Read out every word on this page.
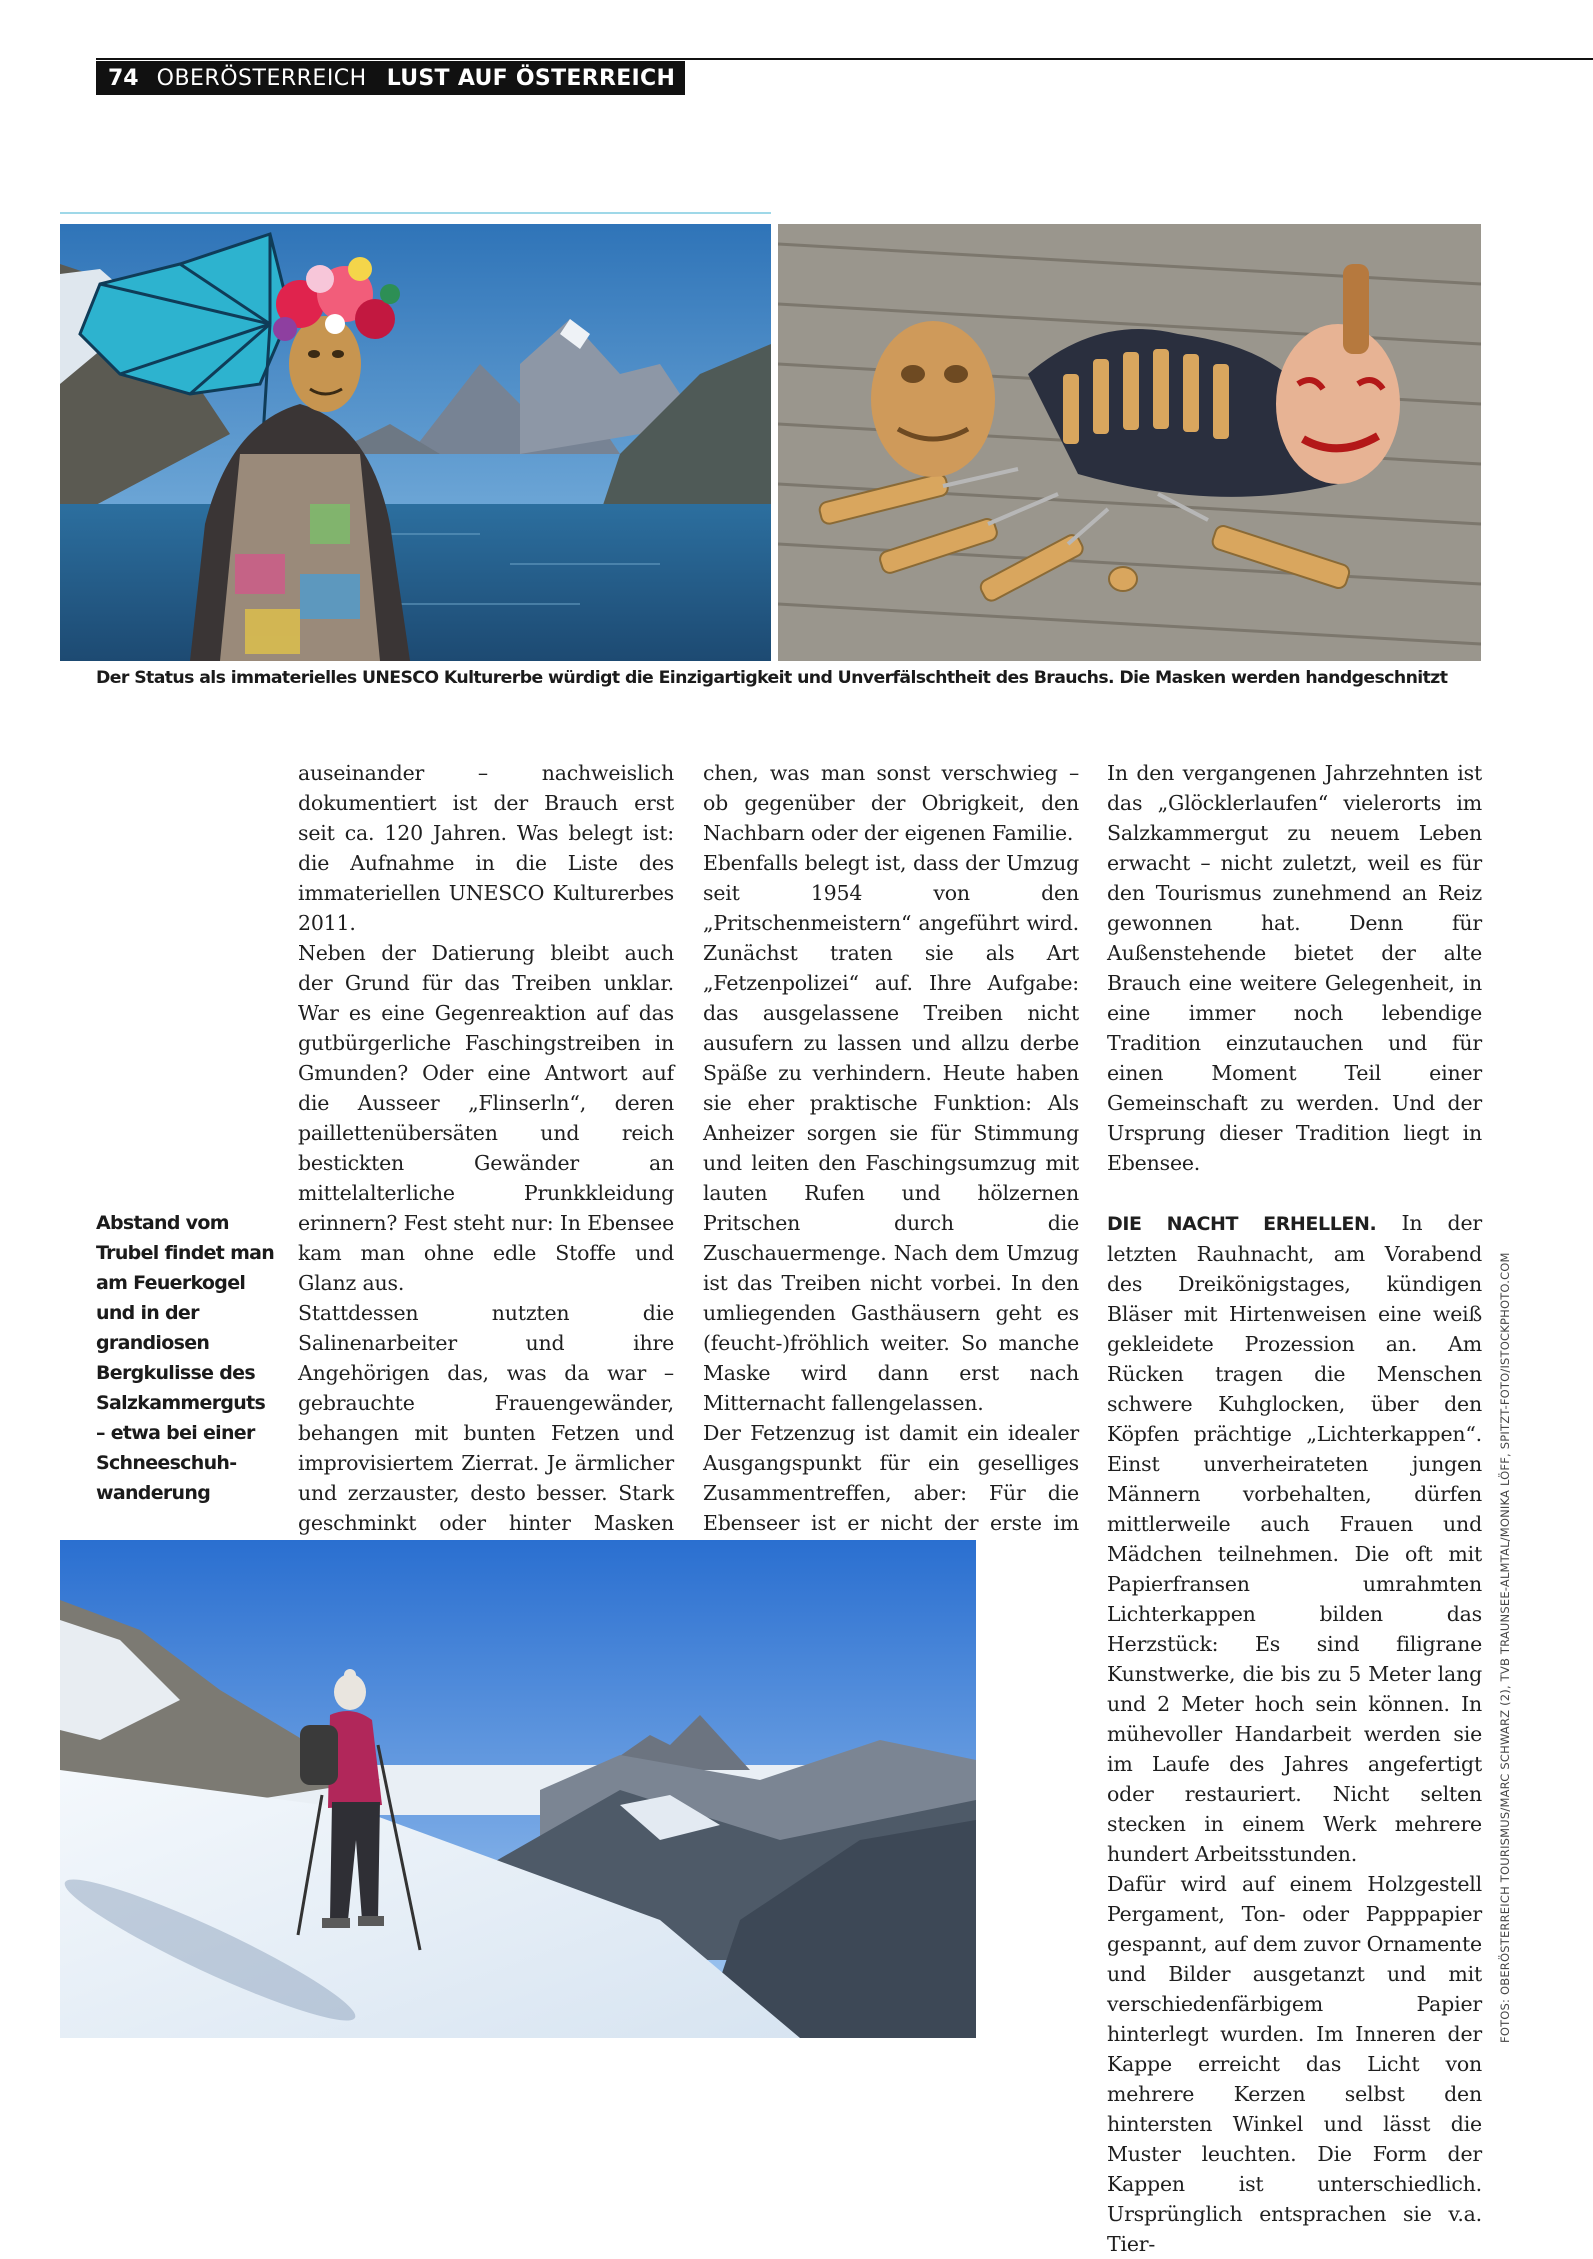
74 OBERÖSTERREICH LUST AUF ÖSTERREICH
Der Status als immaterielles UNESCO Kulturerbe würdigt die Einzigartigkeit und Unverfälschtheit des Brauchs. Die Masken werden handgeschnitzt
Abstand vom Trubel findet man am Feuerkogel und in der grandiosen Bergkulisse des Salzkammerguts – etwa bei einer Schneeschuhwanderung

auseinander – nachweislich dokumentiert ist der Brauch erst seit ca. 120 Jahren. Was belegt ist: die Aufnahme in die Liste des immateriellen UNESCO Kulturerbes 2011.

Neben der Datierung bleibt auch der Grund für das Treiben unklar. War es eine Gegenreaktion auf das gutbürgerliche Faschingstreiben in Gmunden? Oder eine Antwort auf die Ausseer „Flinserln“, deren paillettenübersäten und reich bestickten Gewänder an mittelalterliche Prunkkleidung erinnern? Fest steht nur: In Ebensee kam man ohne edle Stoffe und Glanz aus.

Stattdessen nutzten die Salinenarbeiter und ihre Angehörigen das, was da war – gebrauchte Frauengewänder, behangen mit bunten Fetzen und improvisiertem Zierrat. Je ärmlicher und zerzauster, desto besser. Stark geschminkt oder hinter Masken

chen, was man sonst verschwieg – ob gegenüber der Obrigkeit, den Nachbarn oder der eigenen Familie.

Ebenfalls belegt ist, dass der Umzug seit 1954 von den „Pritschenmeistern“ angeführt wird. Zunächst traten sie als Art „Fetzenpolizei“ auf. Ihre Aufgabe: das ausgelassene Treiben nicht ausufern zu lassen und allzu derbe Späße zu verhindern. Heute haben sie eher praktische Funktion: Als Anheizer sorgen sie für Stimmung und leiten den Faschingsumzug mit lauten Rufen und hölzernen Pritschen durch die Zuschauermenge. Nach dem Umzug ist das Treiben nicht vorbei. In den umliegenden Gasthäusern geht es (feucht-)fröhlich weiter. So manche Maske wird dann erst nach Mitternacht fallengelassen.

Der Fetzenzug ist damit ein idealer Ausgangspunkt für ein geselliges Zusammentreffen, aber: Für die Ebenseer ist er nicht der erste im

In den vergangenen Jahrzehnten ist das „Glöcklerlaufen“ vielerorts im Salzkammergut zu neuem Leben erwacht – nicht zuletzt, weil es für den Tourismus zunehmend an Reiz gewonnen hat. Denn für Außenstehende bietet der alte Brauch eine weitere Gelegenheit, in eine immer noch lebendige Tradition einzutauchen und für einen Moment Teil einer Gemeinschaft zu werden. Und der Ursprung dieser Tradition liegt in Ebensee.

DIE NACHT ERHELLEN. In der letzten Rauhnacht, am Vorabend des Dreikönigstages, kündigen Bläser mit Hirtenweisen eine weiß gekleidete Prozession an. Am Rücken tragen die Menschen schwere Kuhglocken, über den Köpfen prächtige „Lichterkappen“. Einst unverheirateten jungen Männern vorbehalten, dürfen mittlerweile auch Frauen und Mädchen teilnehmen. Die oft mit Papierfransen umrahmten Lichterkappen bilden das Herzstück: Es sind filigrane Kunstwerke, die bis zu 5 Meter lang und 2 Meter hoch sein können. In mühevoller Handarbeit werden sie im Laufe des Jahres angefertigt oder restauriert. Nicht selten stecken in einem Werk mehrere hundert Arbeitsstunden.

Dafür wird auf einem Holzgestell Pergament, Ton- oder Papppapier gespannt, auf dem zuvor Ornamente und Bilder ausgetanzt und mit verschiedenfärbigem Papier hinterlegt wurden. Im Inneren der Kappe erreicht das Licht von mehrere Kerzen selbst den hintersten Winkel und lässt die Muster leuchten. Die Form der Kappen ist unterschiedlich. Ursprünglich entsprachen sie v.a. Tier-

FOTOS: OBERÖSTERREICH TOURISMUS/MARC SCHWARZ (2), TVB TRAUNSEE-ALMTAL/MONIKA LÖFF, SPITZT-FOTO/ISTOCKPHOTO.COM
